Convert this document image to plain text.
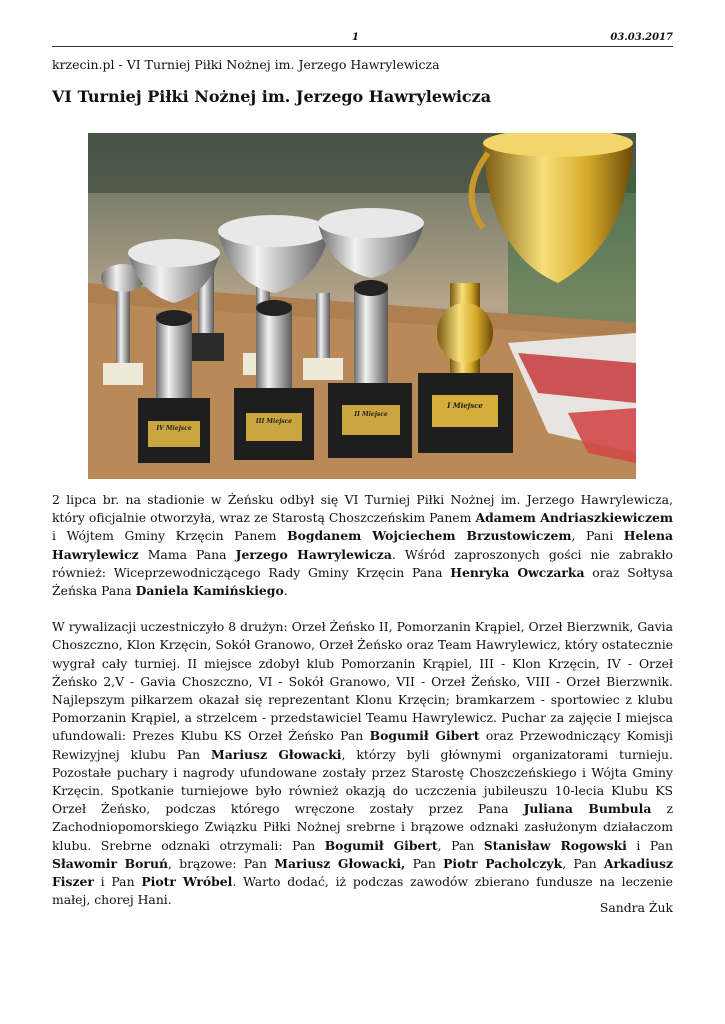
1	03.03.2017
krzecin.pl - VI Turniej Piłki Nożnej im. Jerzego Hawrylewicza
VI Turniej Piłki Nożnej im. Jerzego Hawrylewicza
IV Miejsce
III Miejsce
II Miejsce
I Miejsce

2 lipca br. na stadionie w Żeńsku odbył się VI Turniej Piłki Nożnej im. Jerzego Hawrylewicza, który oficjalnie otworzyła, wraz ze Starostą Choszczeńskim Panem Adamem Andriaszkiewiczem i Wójtem Gminy Krzęcin Panem Bogdanem Wojciechem Brzustowiczem, Pani Helena Hawrylewicz Mama Pana Jerzego Hawrylewicza. Wśród zaproszonych gości nie zabrakło również: Wiceprzewodniczącego Rady Gminy Krzęcin Pana Henryka Owczarka oraz Sołtysa Żeńska Pana Daniela Kamińskiego.

W rywalizacji uczestniczyło 8 drużyn: Orzeł Żeńsko II, Pomorzanin Krąpiel, Orzeł Bierzwnik, Gavia Choszczno, Klon Krzęcin, Sokół Granowo, Orzeł Żeńsko oraz Team Hawrylewicz, który ostatecznie wygrał cały turniej. II miejsce zdobył klub Pomorzanin Krąpiel, III - Klon Krzęcin, IV - Orzeł Żeńsko 2,V - Gavia Choszczno, VI - Sokół Granowo, VII - Orzeł Żeńsko, VIII - Orzeł Bierzwnik. Najlepszym piłkarzem okazał się reprezentant Klonu Krzęcin; bramkarzem - sportowiec z klubu Pomorzanin Krąpiel, a strzelcem - przedstawiciel Teamu Hawrylewicz. Puchar za zajęcie I miejsca ufundowali: Prezes Klubu KS Orzeł Żeńsko Pan Bogumił Gibert oraz Przewodniczący Komisji Rewizyjnej klubu Pan Mariusz Głowacki, którzy byli głównymi organizatorami turnieju. Pozostałe puchary i nagrody ufundowane zostały przez Starostę Choszczeńskiego i Wójta Gminy Krzęcin. Spotkanie turniejowe było również okazją do uczczenia jubileuszu 10-lecia Klubu KS Orzeł Żeńsko, podczas którego wręczone zostały przez Pana Juliana Bumbula z Zachodniopomorskiego Związku Piłki Nożnej srebrne i brązowe odznaki zasłużonym działaczom klubu. Srebrne odznaki otrzymali: Pan Bogumił Gibert, Pan Stanisław Rogowski i Pan Sławomir Boruń, brązowe: Pan Mariusz Głowacki, Pan Piotr Pacholczyk, Pan Arkadiusz Fiszer i Pan Piotr Wróbel. Warto dodać, iż podczas zawodów zbierano fundusze na leczenie małej, chorej Hani.

Sandra Żuk
